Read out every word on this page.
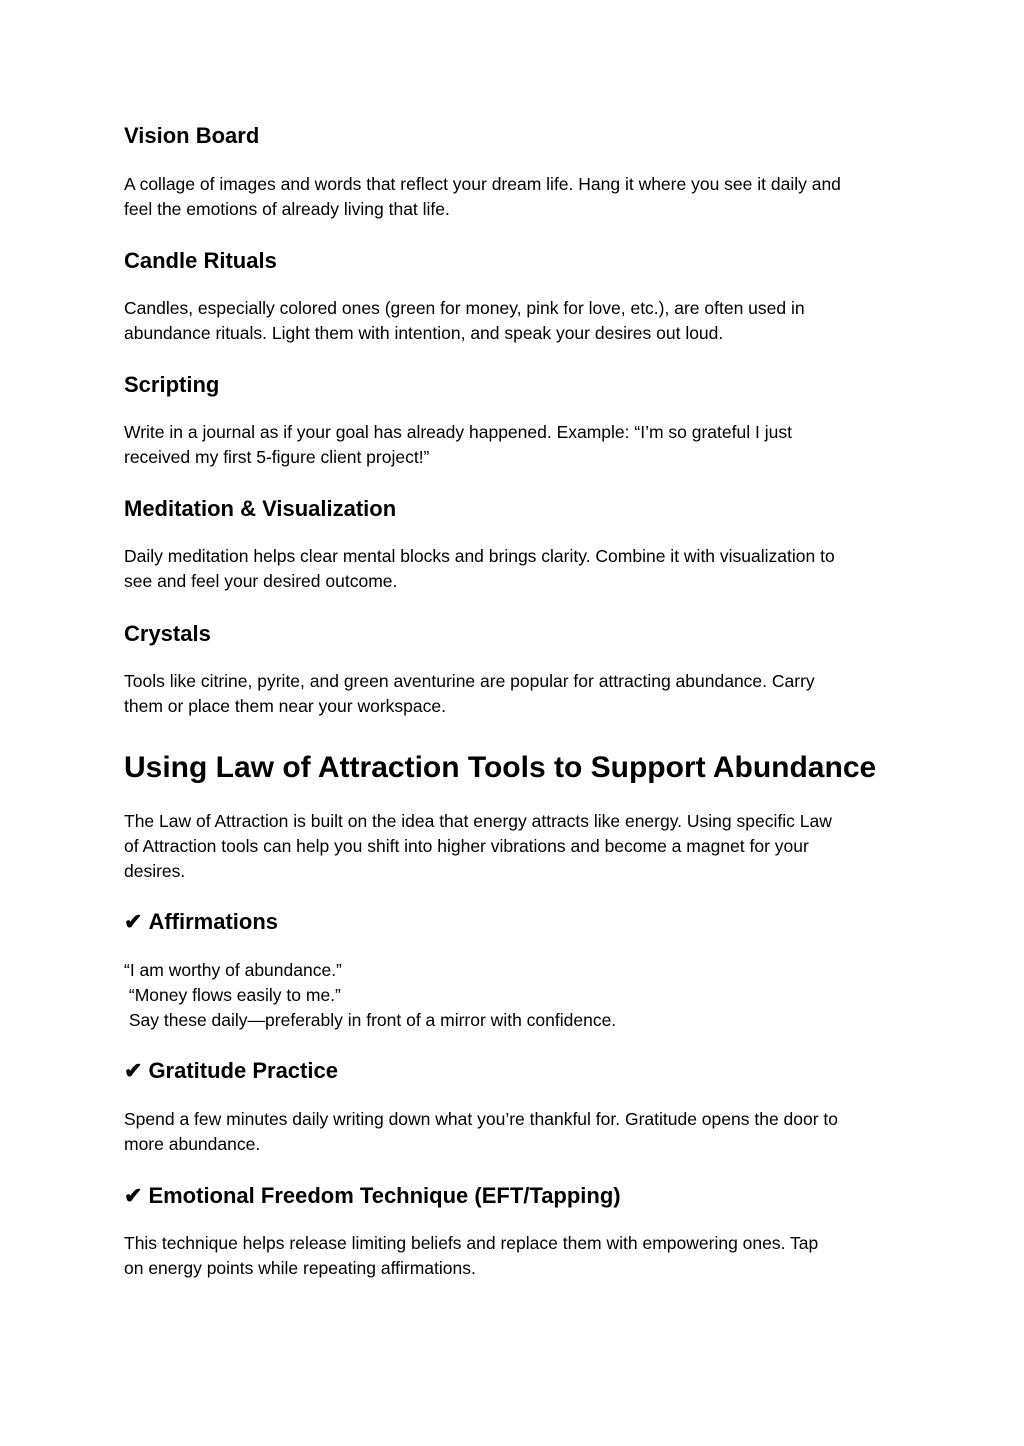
Vision Board

A collage of images and words that reflect your dream life. Hang it where you see it daily and
feel the emotions of already living that life.

Candle Rituals

Candles, especially colored ones (green for money, pink for love, etc.), are often used in
abundance rituals. Light them with intention, and speak your desires out loud.

Scripting

Write in a journal as if your goal has already happened. Example: “I’m so grateful I just
received my first 5-figure client project!”

Meditation & Visualization

Daily meditation helps clear mental blocks and brings clarity. Combine it with visualization to
see and feel your desired outcome.

Crystals

Tools like citrine, pyrite, and green aventurine are popular for attracting abundance. Carry
them or place them near your workspace.

Using Law of Attraction Tools to Support Abundance

The Law of Attraction is built on the idea that energy attracts like energy. Using specific Law
of Attraction tools can help you shift into higher vibrations and become a magnet for your
desires.

✔ Affirmations

“I am worthy of abundance.”
“Money flows easily to me.”
Say these daily—preferably in front of a mirror with confidence.

✔ Gratitude Practice

Spend a few minutes daily writing down what you’re thankful for. Gratitude opens the door to
more abundance.

✔ Emotional Freedom Technique (EFT/Tapping)

This technique helps release limiting beliefs and replace them with empowering ones. Tap
on energy points while repeating affirmations.
